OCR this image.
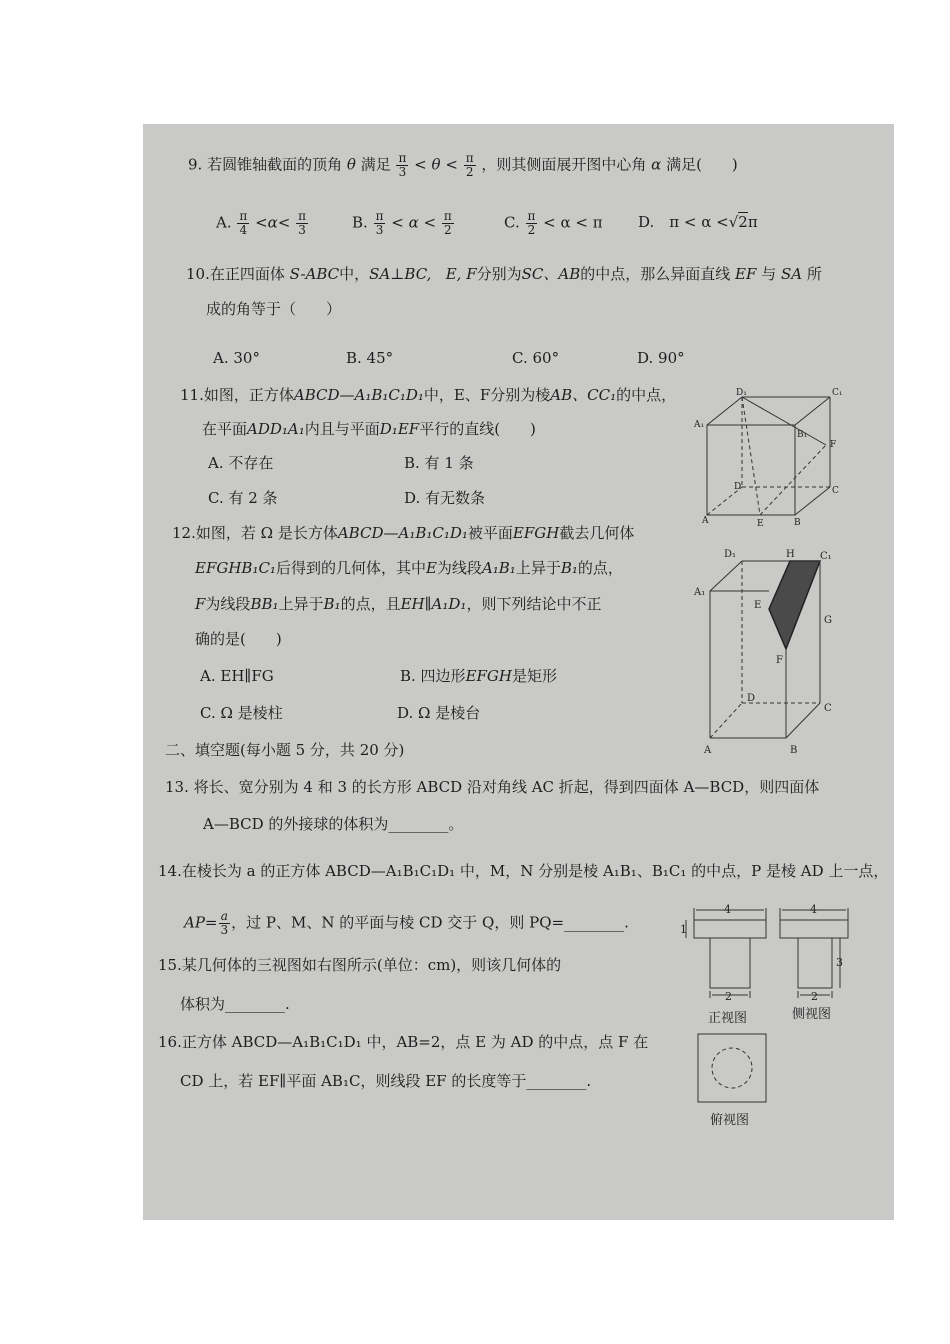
9. 若圆锥轴截面的顶角 θ 满足 $\frac{\pi}{3} < \theta < \frac{\pi}{2}$ ，则其侧面展开图中心角 α 满足(　　)
A. $\frac{\pi}{4} <\alpha< \frac{\pi}{3}$	B. $\frac{\pi}{3} < \alpha < \frac{\pi}{2}$	C. $\frac{\pi}{2} < \alpha < \pi$ D.　π < α <√2π
10.在正四面体 S-ABC中，SA⊥BC, E, F分别为SC、AB的中点，那么异面直线 EF 与 SA 所
成的角等于（　　）
A. 30°	B. 45°	C. 60°	D. 90°
11.如图，正方体ABCD—A₁B₁C₁D₁中，E、F分别为棱AB、CC₁的中点，
在平面ADD₁A₁内且与平面D₁EF平行的直线(　　)
A. 不存在	B. 有 1 条
C. 有 2 条	D. 有无数条
D₁	C₁
A₁
B₁
F
D	C
A	E	B
12.如图，若 Ω 是长方体ABCD—A₁B₁C₁D₁被平面EFGH截去几何体
EFGHB₁C₁后得到的几何体，其中E为线段A₁B₁上异于B₁的点，
F为线段BB₁上异于B₁的点，且EH∥A₁D₁，则下列结论中不正
确的是(　　)
A. EH∥FG	B. 四边形EFGH是矩形
C. Ω 是棱柱	D. Ω 是棱台
D₁	H	C₁
A₁
E
G
F
D
C
A	B
二、填空题(每小题 5 分，共 20 分)
13. 将长、宽分别为 4 和 3 的长方形 ABCD 沿对角线 AC 折起，得到四面体 A—BCD，则四面体
A—BCD 的外接球的体积为________。
14.在棱长为 a 的正方体 ABCD—A₁B₁C₁D₁ 中，M，N 分别是棱 A₁B₁、B₁C₁ 的中点，P 是棱 AD 上一点，
$AP= \frac{a}{3}$ ，过 P、M、N 的平面与棱 CD 交于 Q，则 PQ=________.
15.某几何体的三视图如右图所示(单位：cm)，则该几何体的
体积为________.
16.正方体 ABCD—A₁B₁C₁D₁ 中，AB=2，点 E 为 AD 的中点，点 F 在
CD 上，若 EF∥平面 AB₁C，则线段 EF 的长度等于________.
4
1
2
4
3
2
正视图	侧视图
俯视图
